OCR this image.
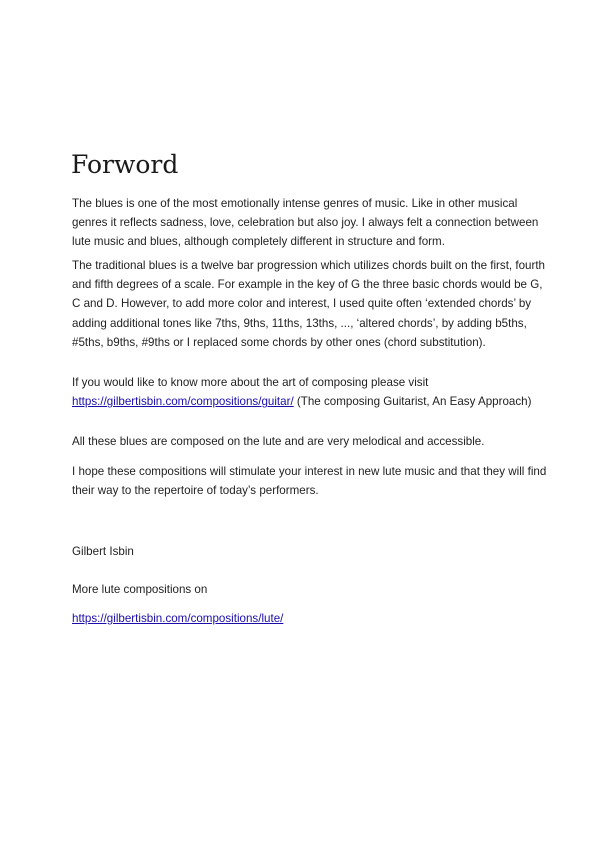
Forword

The blues is one of the most emotionally intense genres of music. Like in other musical genres it reflects sadness, love, celebration but also joy. I always felt a connection between lute music and blues, although completely different in structure and form.

The traditional blues is a twelve bar progression which utilizes chords built on the first, fourth and fifth degrees of a scale. For example in the key of G the three basic chords would be G, C and D. However, to add more color and interest, I used quite often ‘extended chords’ by adding additional tones like 7ths, 9ths, 11ths, 13ths, ..., ‘altered chords’, by adding b5ths, #5ths, b9ths, #9ths or I replaced some chords by other ones (chord substitution).

If you would like to know more about the art of composing please visit
https://gilbertisbin.com/compositions/guitar/ (The composing Guitarist, An Easy Approach)

All these blues are composed on the lute and are very melodical and accessible.

I hope these compositions will stimulate your interest in new lute music and that they will find their way to the repertoire of today’s performers.

Gilbert Isbin

More lute compositions on

https://gilbertisbin.com/compositions/lute/
